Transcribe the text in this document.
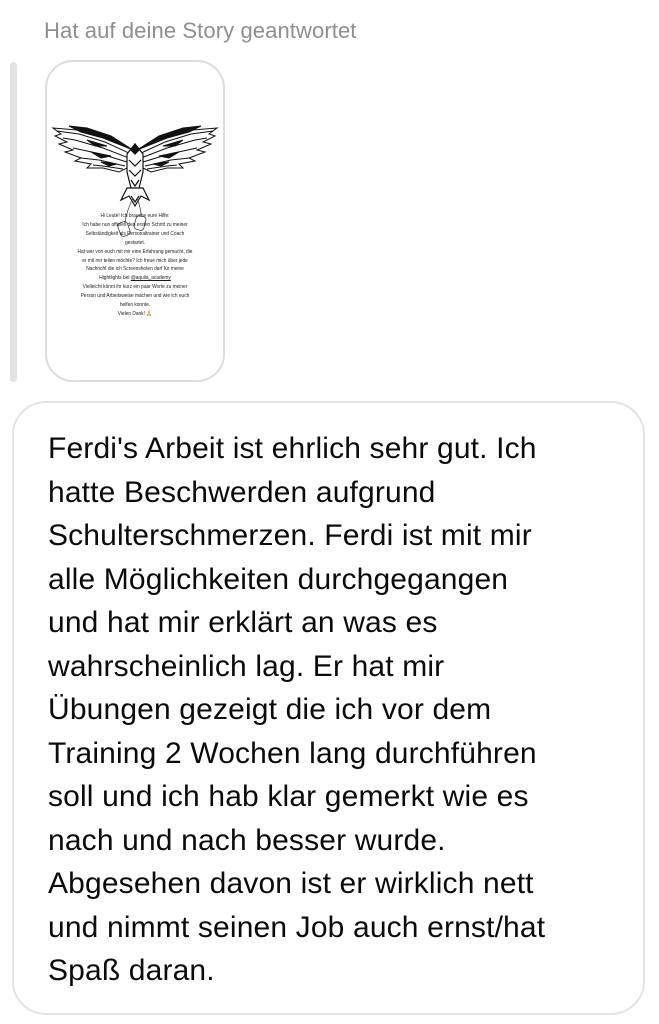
Hat auf deine Story geantwortet
Hi Leute! Ich brauche eure Hilfe:
Ich habe nun offiziell den ersten Schritt zu meiner
Selbständigkeit als Personaltrainer und Coach
gestartet.
Hat wer von euch mit mir eine Erfahrung gemacht, die
er mit mir teilen möchte? Ich freue mich über jede
Nachricht die ich Screenshoten darf für meine
Hightlights bei @aquila_academy
Vielleicht könnt ihr kurz ein paar Worte zu meiner
Person und Arbeitsweise machen und wie ich euch
helfen konnte.
Vielen Dank! 🙏
Ferdi's Arbeit ist ehrlich sehr gut. Ich
hatte Beschwerden aufgrund
Schulterschmerzen. Ferdi ist mit mir
alle Möglichkeiten durchgegangen
und hat mir erklärt an was es
wahrscheinlich lag. Er hat mir
Übungen gezeigt die ich vor dem
Training 2 Wochen lang durchführen
soll und ich hab klar gemerkt wie es
nach und nach besser wurde.
Abgesehen davon ist er wirklich nett
und nimmt seinen Job auch ernst/hat
Spaß daran.
